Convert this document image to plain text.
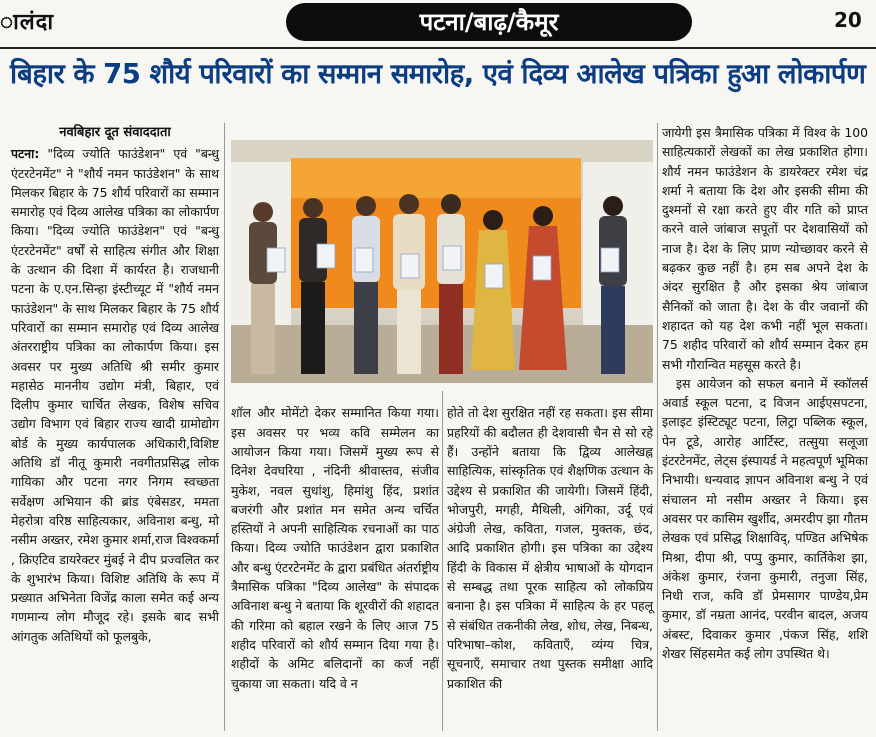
ालंदा	पटना/बाढ़/कैमूर	20
बिहार के 75 शौर्य परिवारों का सम्मान समारोह, एवं दिव्य आलेख पत्रिका हुआ लोकार्पण
नवबिहार दूत संवाददाता

पटना: "दिव्य ज्योति फाउंडेशन" एवं "बन्धु एंटरटेनमेंट" ने "शौर्य नमन फाउंडेशन" के साथ मिलकर बिहार के 75 शौर्य परिवारों का सम्मान समारोह एवं दिव्य आलेख पत्रिका का लोकार्पण किया। "दिव्य ज्योति फाउंडेशन" एवं "बन्धु एंटरटेनमेंट" वर्षों से साहित्य संगीत और शिक्षा के उत्थान की दिशा में कार्यरत है। राजधानी पटना के ए.एन.सिन्हा इंस्टीच्यूट में "शौर्य नमन फाउंडेशन" के साथ मिलकर बिहार के 75 शौर्य परिवारों का सम्मान समारोह एवं दिव्य आलेख अंतरराष्ट्रीय पत्रिका का लोकार्पण किया। इस अवसर पर मुख्य अतिथि श्री समीर कुमार महासेठ माननीय उद्योग मंत्री, बिहार, एवं दिलीप कुमार चार्चित लेखक, विशेष सचिव उद्योग विभाग एवं बिहार राज्य खादी ग्रामोद्योग बोर्ड के मुख्य कार्यपालक अधिकारी,विशिष्ट अतिथि डॉ नीतू कुमारी नवगीतप्रसिद्ध लोक गायिका और पटना नगर निगम स्वच्छता सर्वेक्षण अभियान की ब्रांड एंबेसडर, ममता मेहरोत्रा वरिष्ठ साहित्यकार, अविनाश बन्धु, मो नसीम अख्तर, रमेश कुमार शर्मा,राज विश्वकर्मा , क्रिएटिव डायरेक्टर मुंबई ने दीप प्रज्वलित कर के शुभारंभ किया। विशिष्ट अतिथि के रूप में प्रख्यात अभिनेता विजेंद्र काला समेत कई अन्य गणमान्य लोग मौजूद रहे। इसके बाद सभी आंगतुक अतिथियों को फूलबुके,

शॉल और मोमेंटो देकर सम्मानित किया गया। इस अवसर पर भव्य कवि सम्मेलन का आयोजन किया गया। जिसमें मुख्य रूप से दिनेश देवघरिया , नंदिनी श्रीवास्तव, संजीव मुकेश, नवल सुधांशु, हिमांशु हिंद, प्रशांत बजरंगी और प्रशांत मन समेत अन्य चर्चित हस्तियों ने अपनी साहित्यिक रचनाओं का पाठ किया। दिव्य ज्योति फाउंडेशन द्वारा प्रकाशित और बन्धु एंटरटेनमेंट के द्वारा प्रबंधित अंतर्राष्ट्रीय त्रैमासिक पत्रिका "दिव्य आलेख" के संपादक अविनाश बन्धु ने बताया कि शूरवीरों की शहादत की गरिमा को बहाल रखने के लिए आज 75 शहीद परिवारों को शौर्य सम्मान दिया गया है। शहीदों के अमिट बलिदानों का कर्ज नहीं चुकाया जा सकता। यदि वे न

होते तो देश सुरक्षित नहीं रह सकता। इस सीमा प्रहरियों की बदौलत ही देशवासी चैन से सो रहे हैं। उन्होंने बताया कि द्विव्य आलेखह्न साहित्यिक, सांस्कृतिक एवं शैक्षणिक उत्थान के उद्देश्य से प्रकाशित की जायेगी। जिसमें हिंदी, भोजपुरी, मगही, मैथिली, अंगिका, उर्दू एवं अंग्रेजी लेख, कविता, गजल, मुक्तक, छंद, आदि प्रकाशित होगी। इस पत्रिका का उद्देश्य हिंदी के विकास में क्षेत्रीय भाषाओं के योगदान से सम्बद्ध तथा पूरक साहित्य को लोकप्रिय बनाना है। इस पत्रिका में साहित्य के हर पहलू से संबंधित तकनीकी लेख, शोध, लेख, निबन्ध, परिभाषा–कोश, कविताएँ, व्यंग्य चित्र, सूचनाएँ, समाचार तथा पुस्तक समीक्षा आदि प्रकाशित की

जायेगी इस त्रैमासिक पत्रिका में विश्व के 100 साहित्यकारों लेखकों का लेख प्रकाशित होगा। शौर्य नमन फाउंडेशन के डायरेक्टर रमेश चंद्र शर्मा ने बताया कि देश और इसकी सीमा की दुश्मनों से रक्षा करते हुए वीर गति को प्राप्त करने वाले जांबाज सपूतों पर देशवासियों को नाज है। देश के लिए प्राण न्योच्छावर करने से बढ़कर कुछ नहीं है। हम सब अपने देश के अंदर सुरक्षित है और इसका श्रेय जांबाज सैनिकों को जाता है। देश के वीर जवानों की शहादत को यह देश कभी नहीं भूल सकता। 75 शहीद परिवारों को शौर्य सम्मान देकर हम सभी गौरान्वित महसूस करते है।

इस आयेजन को सफल बनाने में स्कॉलर्स अवार्ड स्कूल पटना, द विजन आईएसपटना, इलाइट इंस्टिट्यूट पटना, लिट्रा पब्लिक स्कूल, पेन टूडे, आरोह आर्टिस्ट, तत्सुया सलूजा इंटरटेनमेंट, लेट्स इंस्पायर्ड ने महत्वपूर्ण भूमिका निभायी। धन्यवाद ज्ञापन अविनाश बन्धु ने एवं संचालन मो नसीम अख्तर ने किया। इस अवसर पर कासिम खुर्शीद, अमरदीप झा गौतम लेखक एवं प्रसिद्ध शिक्षाविद्, पण्डित अभिषेक मिश्रा, दीपा श्री, पप्पु कुमार, कार्तिकेश झा, अंकेश कुमार, रंजना कुमारी, तनुजा सिंह, निधी राज, कवि डॉ प्रेमसागर पाण्डेय,प्रेम कुमार, डॉ नम्रता आनंद, परवीन बादल, अजय अंबस्ट, दिवाकर कुमार ,पंकज सिंह, शशि शेखर सिंहसमेत कई लोग उपस्थित थे।
